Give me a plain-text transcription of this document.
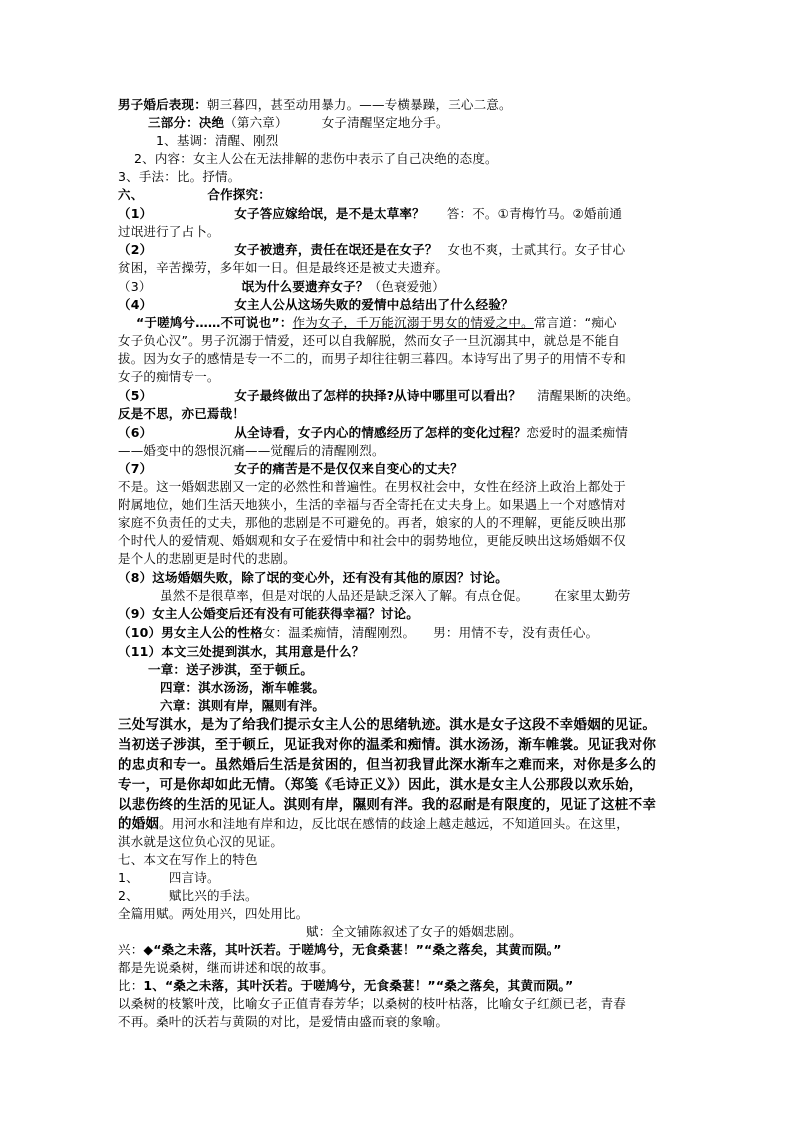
男子婚后表现：朝三暮四，甚至动用暴力。——专横暴躁，三心二意。
三部分：决绝（第六章）	女子清醒坚定地分手。
1、基调：清醒、刚烈
2、内容：女主人公在无法排解的悲伤中表示了自己决绝的态度。
3、手法：比。抒情。
六、	合作探究：
（1）	女子答应嫁给氓，是不是太草率？ 答：不。①青梅竹马。②婚前通
过氓进行了占卜。
（2）	女子被遗弃，责任在氓还是在女子？ 女也不爽，士贰其行。女子甘心
贫困，辛苦操劳，多年如一日。但是最终还是被丈夫遗弃。
（3）	氓为什么要遗弃女子？（色衰爱弛）
（4）	女主人公从这场失败的爱情中总结出了什么经验？
“于嗟鸠兮……不可说也”：作为女子，千万能沉溺于男女的情爱之中。常言道：“痴心
女子负心汉”。男子沉溺于情爱，还可以自我解脱，然而女子一旦沉溺其中，就总是不能自
拔。因为女子的感情是专一不二的，而男子却往往朝三暮四。本诗写出了男子的用情不专和
女子的痴情专一。
（5）	女子最终做出了怎样的抉择?从诗中哪里可以看出？ 清醒果断的决绝。
反是不思，亦已焉哉！
（6）	从全诗看，女子内心的情感经历了怎样的变化过程？恋爱时的温柔痴情
——婚变中的怨恨沉痛——觉醒后的清醒刚烈。
（7）	女子的痛苦是不是仅仅来自变心的丈夫？
不是。这一婚姻悲剧又一定的必然性和普遍性。在男权社会中，女性在经济上政治上都处于
附属地位，她们生活天地狭小，生活的幸福与否全寄托在丈夫身上。如果遇上一个对感情对
家庭不负责任的丈夫，那他的悲剧是不可避免的。再者，娘家的人的不理解，更能反映出那
个时代人的爱情观、婚姻观和女子在爱情中和社会中的弱势地位，更能反映出这场婚姻不仅
是个人的悲剧更是时代的悲剧。
（8）这场婚姻失败，除了氓的变心外，还有没有其他的原因？讨论。
虽然不是很草率，但是对氓的人品还是缺乏深入了解。有点仓促。 在家里太勤劳
（9）女主人公婚变后还有没有可能获得幸福？讨论。
（10）男女主人公的性格女：温柔痴情，清醒刚烈。 男：用情不专，没有责任心。
（11）本文三处提到淇水，其用意是什么？
一章：送子涉淇，至于顿丘。
四章：淇水汤汤，渐车帷裳。
六章：淇则有岸，隰则有泮。
三处写淇水，是为了给我们提示女主人公的思绪轨迹。淇水是女子这段不幸婚姻的见证。
当初送子涉淇，至于顿丘，见证我对你的温柔和痴情。淇水汤汤，渐车帷裳。见证我对你
的忠贞和专一。虽然婚后生活是贫困的，但当初我冒此深水渐车之难而来，对你是多么的
专一，可是你却如此无情。（郑笺《毛诗正义》）因此，淇水是女主人公那段以欢乐始，
以悲伤终的生活的见证人。淇则有岸，隰则有泮。我的忍耐是有限度的，见证了这桩不幸
的婚姻。用河水和洼地有岸和边，反比氓在感情的歧途上越走越远，不知道回头。在这里，
淇水就是这位负心汉的见证。
七、本文在写作上的特色
1、 四言诗。
2、 赋比兴的手法。
全篇用赋。两处用兴，四处用比。
赋：全文铺陈叙述了女子的婚姻悲剧。
兴：◆“桑之未落，其叶沃若。于嗟鸠兮，无食桑葚！”“桑之落矣，其黄而陨。”
都是先说桑树，继而讲述和氓的故事。
比：1、“桑之未落，其叶沃若。于嗟鸠兮，无食桑葚！”“桑之落矣，其黄而陨。”
以桑树的枝繁叶茂，比喻女子正值青春芳华；以桑树的枝叶枯落，比喻女子红颜已老，青春
不再。桑叶的沃若与黄陨的对比，是爱情由盛而衰的象喻。
